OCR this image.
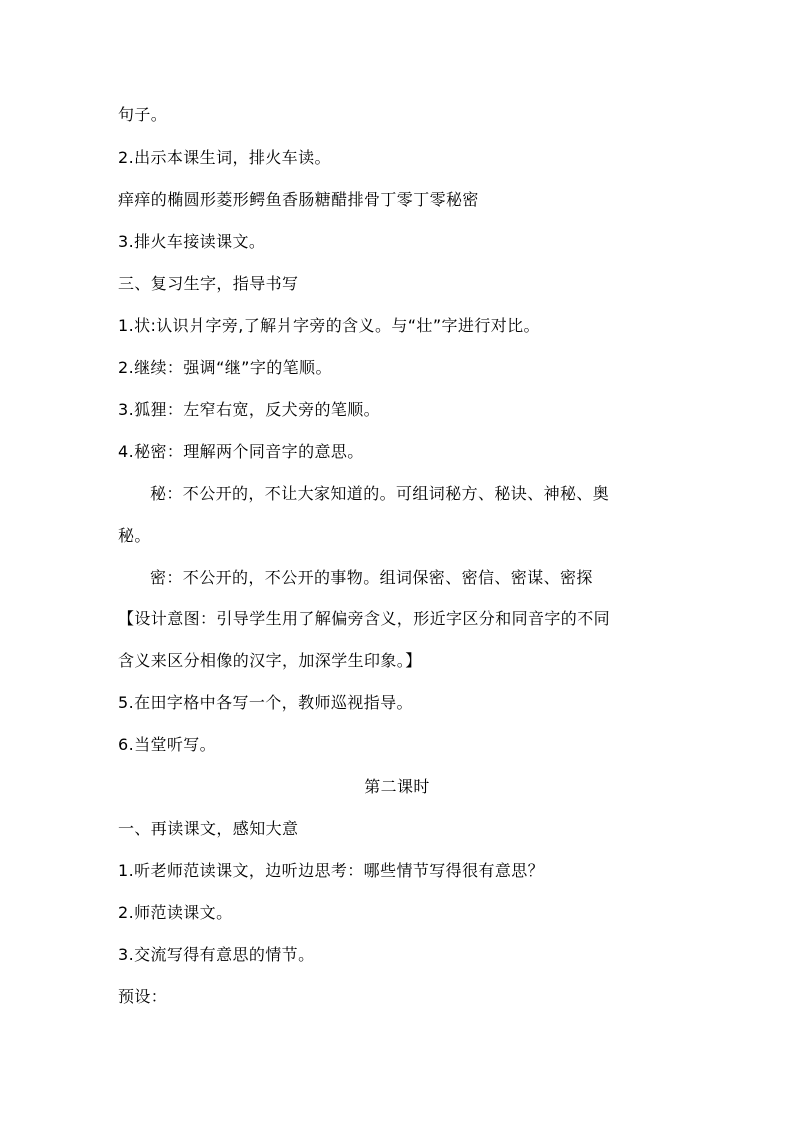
句子。
2.出示本课生词，排火车读。
痒痒的椭圆形菱形鳄鱼香肠糖醋排骨丁零丁零秘密
3.排火车接读课文。
三、复习生字，指导书写
1.状:认识爿字旁,了解爿字旁的含义。与“壮”字进行对比。
2.继续：强调“继”字的笔顺。
3.狐狸：左窄右宽，反犬旁的笔顺。
4.秘密：理解两个同音字的意思。
秘：不公开的，不让大家知道的。可组词秘方、秘诀、神秘、奥
秘。
密：不公开的，不公开的事物。组词保密、密信、密谋、密探
【设计意图：引导学生用了解偏旁含义，形近字区分和同音字的不同
含义来区分相像的汉字，加深学生印象。】
5.在田字格中各写一个，教师巡视指导。
6.当堂听写。
第二课时
一、再读课文，感知大意
1.听老师范读课文，边听边思考：哪些情节写得很有意思？
2.师范读课文。
3.交流写得有意思的情节。
预设：
